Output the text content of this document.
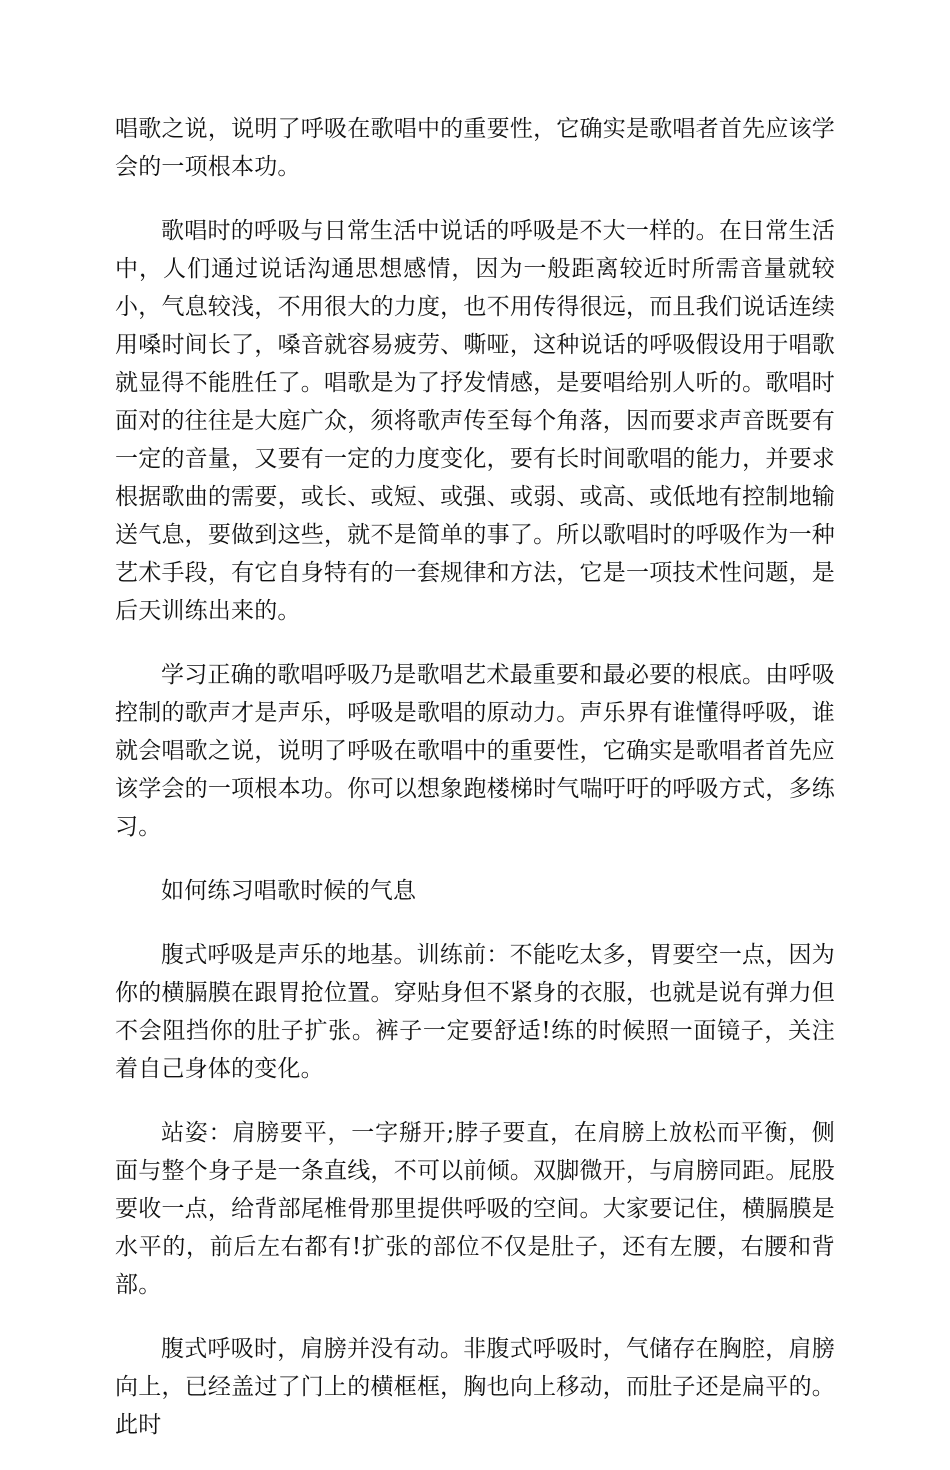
唱歌之说，说明了呼吸在歌唱中的重要性，它确实是歌唱者首先应该学会的一项根本功。

歌唱时的呼吸与日常生活中说话的呼吸是不大一样的。在日常生活中，人们通过说话沟通思想感情，因为一般距离较近时所需音量就较小，气息较浅，不用很大的力度，也不用传得很远，而且我们说话连续用嗓时间长了，嗓音就容易疲劳、嘶哑，这种说话的呼吸假设用于唱歌就显得不能胜任了。唱歌是为了抒发情感，是要唱给别人听的。歌唱时面对的往往是大庭广众，须将歌声传至每个角落，因而要求声音既要有一定的音量，又要有一定的力度变化，要有长时间歌唱的能力，并要求根据歌曲的需要，或长、或短、或强、或弱、或高、或低地有控制地输送气息，要做到这些，就不是简单的事了。所以歌唱时的呼吸作为一种艺术手段，有它自身特有的一套规律和方法，它是一项技术性问题，是后天训练出来的。

学习正确的歌唱呼吸乃是歌唱艺术最重要和最必要的根底。由呼吸控制的歌声才是声乐，呼吸是歌唱的原动力。声乐界有谁懂得呼吸，谁就会唱歌之说，说明了呼吸在歌唱中的重要性，它确实是歌唱者首先应该学会的一项根本功。你可以想象跑楼梯时气喘吁吁的呼吸方式，多练习。

如何练习唱歌时候的气息

腹式呼吸是声乐的地基。训练前：不能吃太多，胃要空一点，因为你的横膈膜在跟胃抢位置。穿贴身但不紧身的衣服，也就是说有弹力但不会阻挡你的肚子扩张。裤子一定要舒适!练的时候照一面镜子，关注着自己身体的变化。

站姿：肩膀要平，一字掰开;脖子要直，在肩膀上放松而平衡，侧面与整个身子是一条直线，不可以前倾。双脚微开，与肩膀同距。屁股要收一点，给背部尾椎骨那里提供呼吸的空间。大家要记住，横膈膜是水平的，前后左右都有!扩张的部位不仅是肚子，还有左腰，右腰和背部。

腹式呼吸时，肩膀并没有动。非腹式呼吸时，气储存在胸腔，肩膀向上，已经盖过了门上的横框框，胸也向上移动，而肚子还是扁平的。此时
